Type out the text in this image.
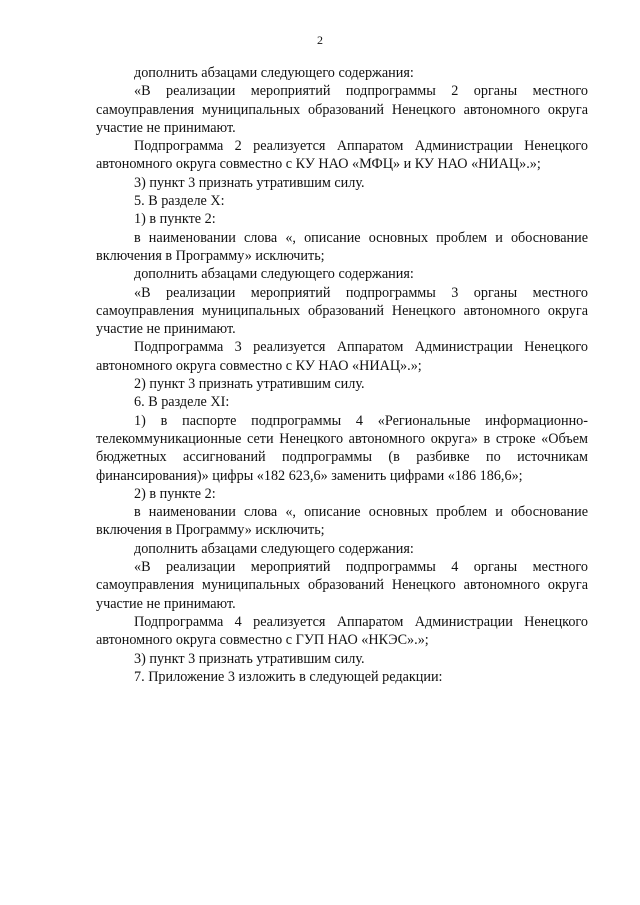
2

дополнить абзацами следующего содержания:

«В реализации мероприятий подпрограммы 2 органы местного самоуправления муниципальных образований Ненецкого автономного округа участие не принимают.

Подпрограмма 2 реализуется Аппаратом Администрации Ненецкого автономного округа совместно с КУ НАО «МФЦ» и КУ НАО «НИАЦ».»;

3) пункт 3 признать утратившим силу.

5. В разделе X:

1) в пункте 2:

в наименовании слова «, описание основных проблем и обоснование включения в Программу» исключить;

дополнить абзацами следующего содержания:

«В реализации мероприятий подпрограммы 3 органы местного самоуправления муниципальных образований Ненецкого автономного округа участие не принимают.

Подпрограмма 3 реализуется Аппаратом Администрации Ненецкого автономного округа совместно с КУ НАО «НИАЦ».»;

2) пункт 3 признать утратившим силу.

6. В разделе XI:

1) в паспорте подпрограммы 4 «Региональные информационно-телекоммуникационные сети Ненецкого автономного округа» в строке «Объем бюджетных ассигнований подпрограммы (в разбивке по источникам финансирования)» цифры «182 623,6» заменить цифрами «186 186,6»;

2) в пункте 2:

в наименовании слова «, описание основных проблем и обоснование включения в Программу» исключить;

дополнить абзацами следующего содержания:

«В реализации мероприятий подпрограммы 4 органы местного самоуправления муниципальных образований Ненецкого автономного округа участие не принимают.

Подпрограмма 4 реализуется Аппаратом Администрации Ненецкого автономного округа совместно с ГУП НАО «НКЭС».»;

3) пункт 3 признать утратившим силу.

7. Приложение 3 изложить в следующей редакции:
